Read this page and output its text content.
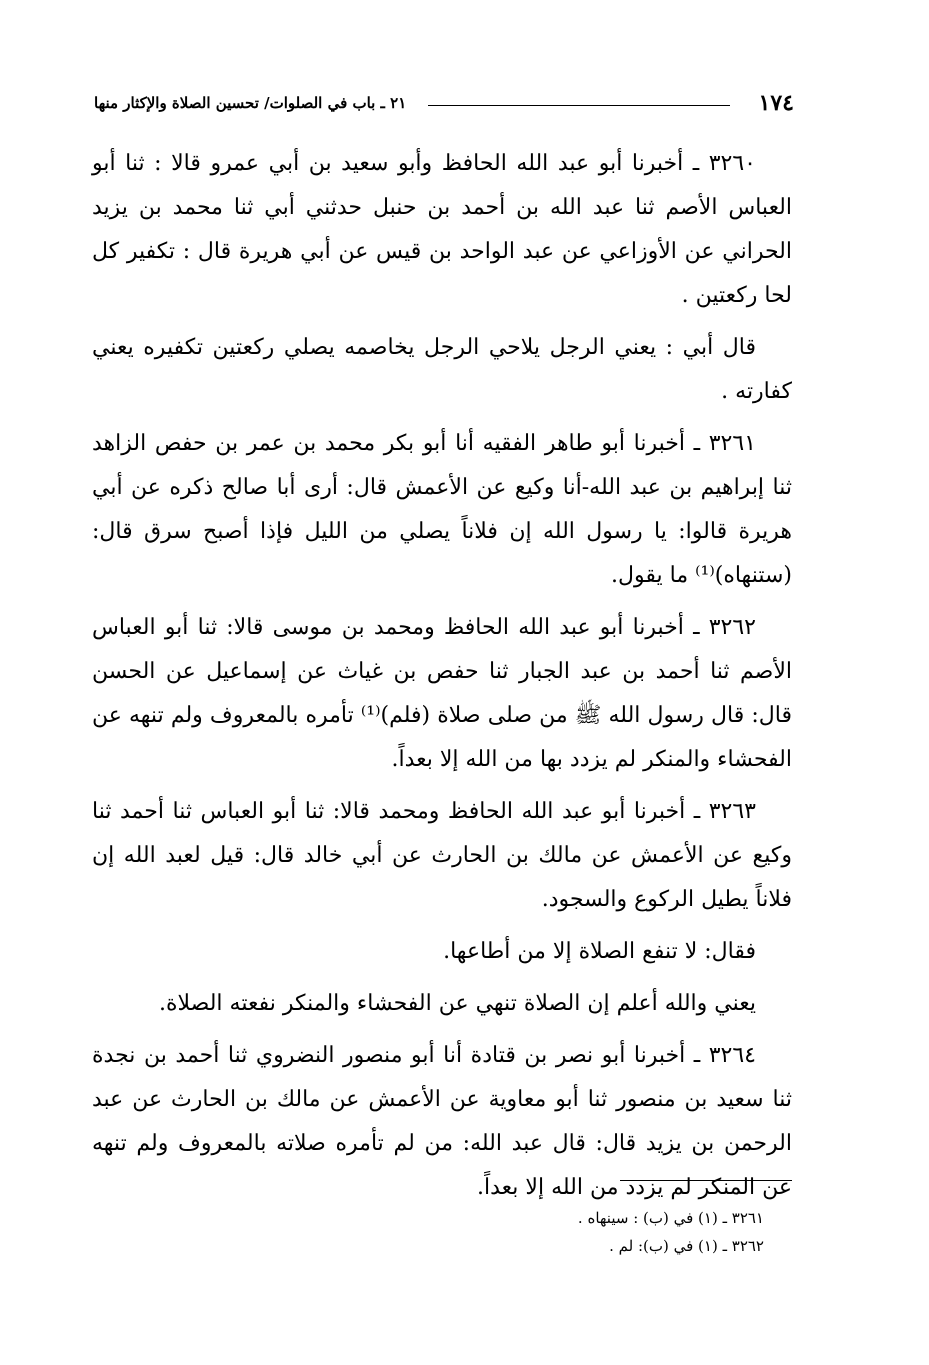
١٧٤
٢١ ـ باب في الصلوات/ تحسين الصلاة والإكثار منها

٣٢٦٠ ـ أخبرنا أبو عبد الله الحافظ وأبو سعيد بن أبي عمرو قالا : ثنا أبو العباس الأصم ثنا عبد الله بن أحمد بن حنبل حدثني أبي ثنا محمد بن يزيد الحراني عن الأوزاعي عن عبد الواحد بن قيس عن أبي هريرة قال : تكفير كل لحا ركعتين .

قال أبي : يعني الرجل يلاحي الرجل يخاصمه يصلي ركعتين تكفيره يعني كفارته .

٣٢٦١ ـ أخبرنا أبو طاهر الفقيه أنا أبو بكر محمد بن عمر بن حفص الزاهد ثنا إبراهيم بن عبد الله-أنا وكيع عن الأعمش قال: أرى أبا صالح ذكره عن أبي هريرة قالوا: يا رسول الله إن فلاناً يصلي من الليل فإذا أصبح سرق قال: (ستنهاه)⁽¹⁾ ما يقول.

٣٢٦٢ ـ أخبرنا أبو عبد الله الحافظ ومحمد بن موسى قالا: ثنا أبو العباس الأصم ثنا أحمد بن عبد الجبار ثنا حفص بن غياث عن إسماعيل عن الحسن قال: قال رسول الله ﷺ من صلى صلاة (فلم)⁽¹⁾ تأمره بالمعروف ولم تنهه عن الفحشاء والمنكر لم يزدد بها من الله إلا بعداً.

٣٢٦٣ ـ أخبرنا أبو عبد الله الحافظ ومحمد قالا: ثنا أبو العباس ثنا أحمد ثنا وكيع عن الأعمش عن مالك بن الحارث عن أبي خالد قال: قيل لعبد الله إن فلاناً يطيل الركوع والسجود.

فقال: لا تنفع الصلاة إلا من أطاعها.

يعني والله أعلم إن الصلاة تنهي عن الفحشاء والمنكر نفعته الصلاة.

٣٢٦٤ ـ أخبرنا أبو نصر بن قتادة أنا أبو منصور النضروي ثنا أحمد بن نجدة ثنا سعيد بن منصور ثنا أبو معاوية عن الأعمش عن مالك بن الحارث عن عبد الرحمن بن يزيد قال: قال عبد الله: من لم تأمره صلاته بالمعروف ولم تنهه عن المنكر لم يزدد من الله إلا بعداً.

٣٢٦١ ـ (١) في (ب) : سينهاه .
٣٢٦٢ ـ (١) في (ب): لم .
